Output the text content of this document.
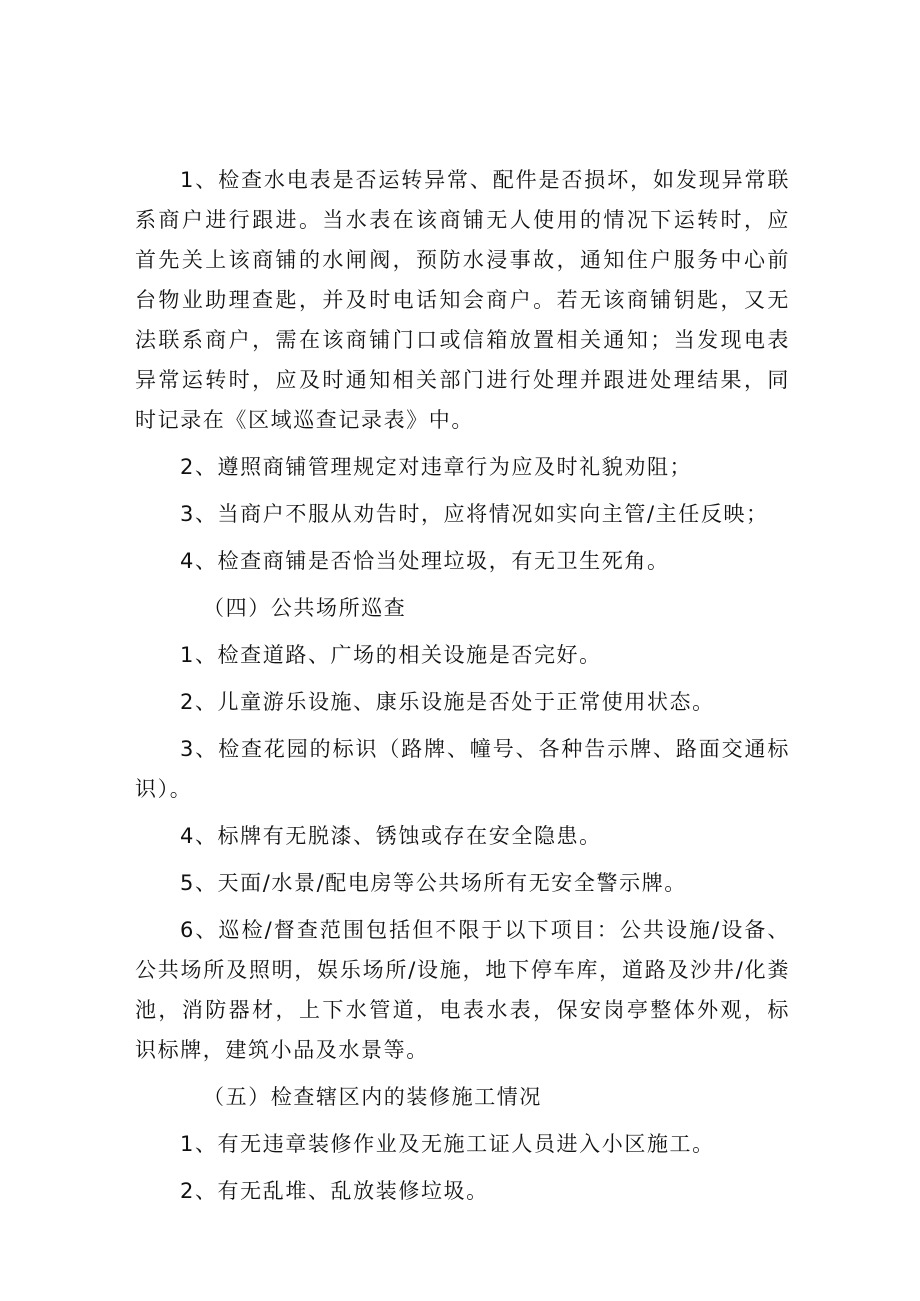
1、检查水电表是否运转异常、配件是否损坏，如发现异常联系商户进行跟进。当水表在该商铺无人使用的情况下运转时，应首先关上该商铺的水闸阀，预防水浸事故，通知住户服务中心前台物业助理查匙，并及时电话知会商户。若无该商铺钥匙，又无法联系商户，需在该商铺门口或信箱放置相关通知；当发现电表异常运转时，应及时通知相关部门进行处理并跟进处理结果，同时记录在《区域巡查记录表》中。

2、遵照商铺管理规定对违章行为应及时礼貌劝阻；

3、当商户不服从劝告时，应将情况如实向主管/主任反映；

4、检查商铺是否恰当处理垃圾，有无卫生死角。

（四）公共场所巡查

1、检查道路、广场的相关设施是否完好。

2、儿童游乐设施、康乐设施是否处于正常使用状态。

3、检查花园的标识（路牌、幢号、各种告示牌、路面交通标识）。

4、标牌有无脱漆、锈蚀或存在安全隐患。

5、天面/水景/配电房等公共场所有无安全警示牌。

6、巡检/督查范围包括但不限于以下项目：公共设施/设备、公共场所及照明，娱乐场所/设施，地下停车库，道路及沙井/化粪池，消防器材，上下水管道，电表水表，保安岗亭整体外观，标识标牌，建筑小品及水景等。

（五）检查辖区内的装修施工情况

1、有无违章装修作业及无施工证人员进入小区施工。

2、有无乱堆、乱放装修垃圾。
